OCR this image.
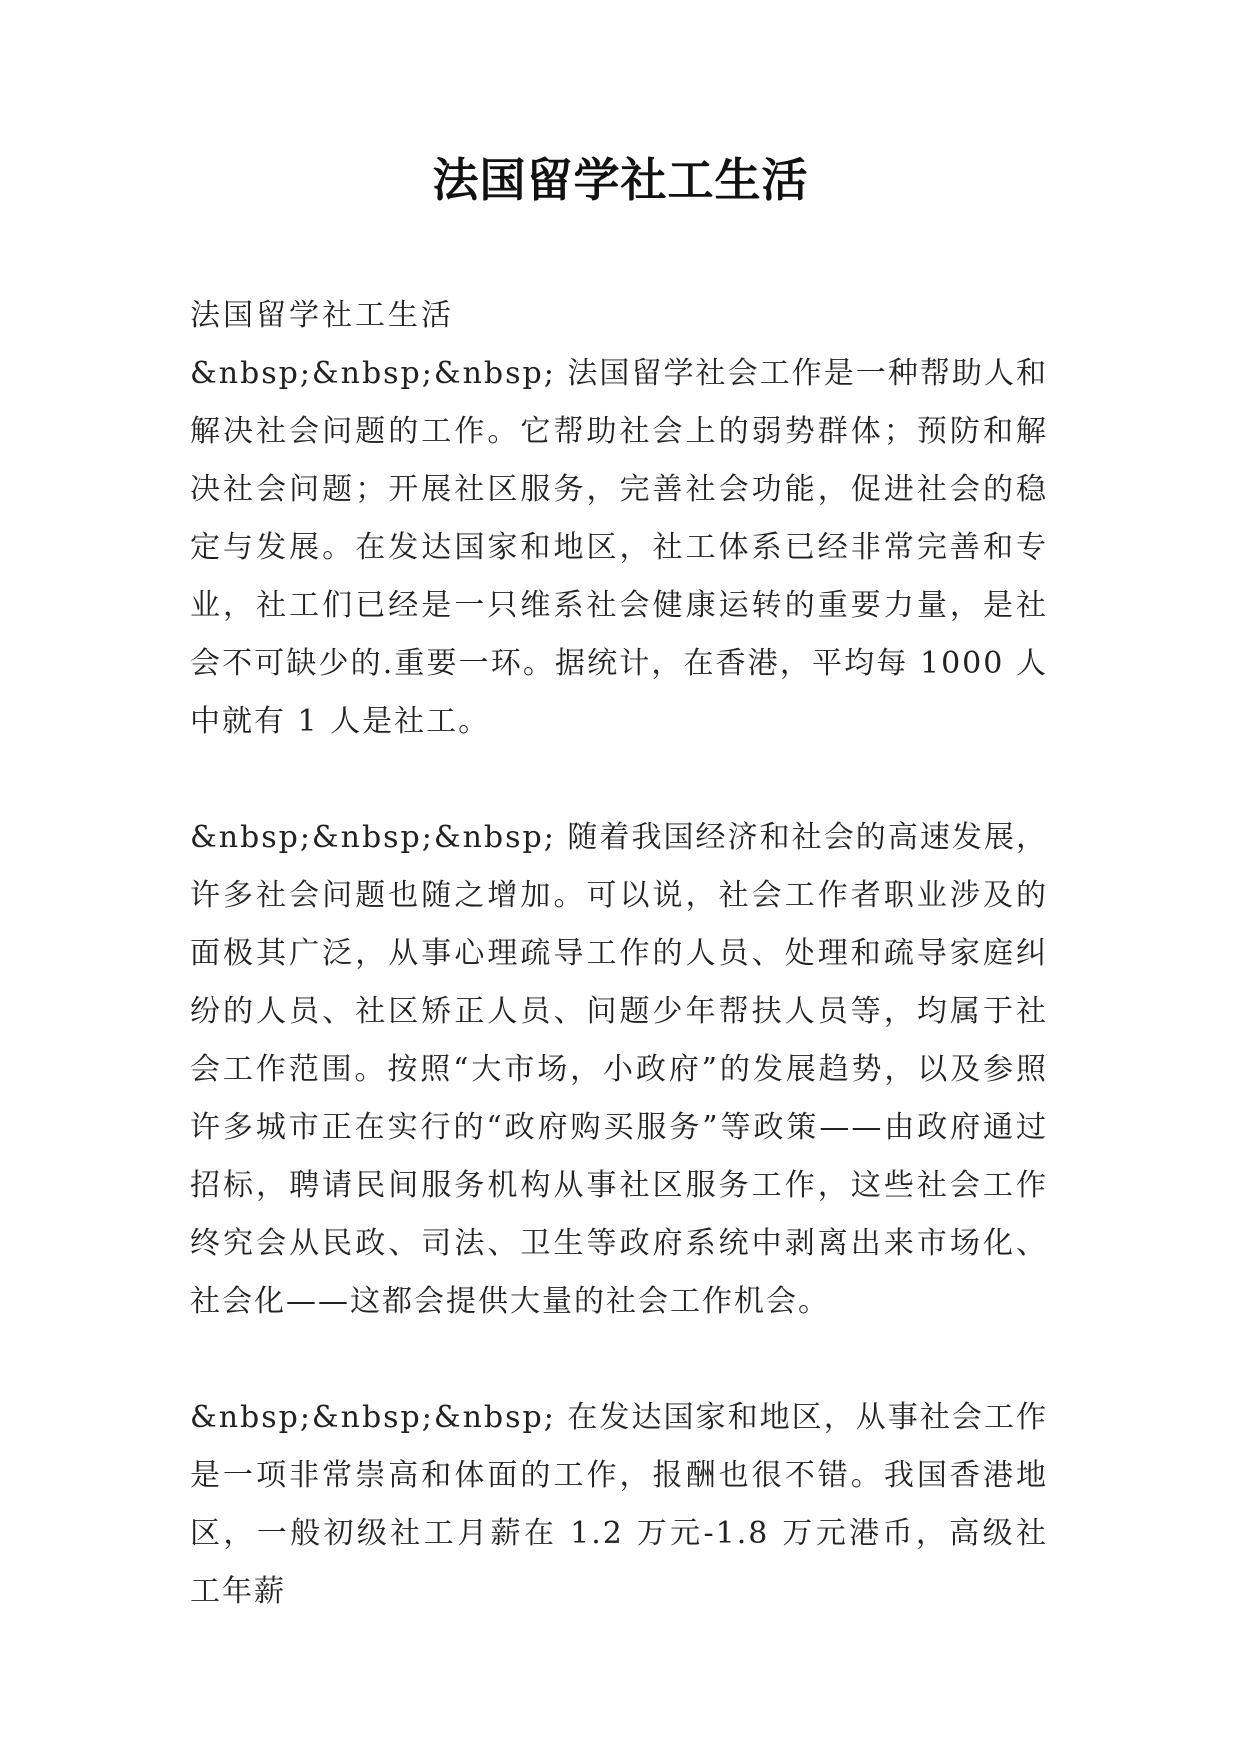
法国留学社工生活

法国留学社工生活

&nbsp;&nbsp;&nbsp; 法国留学社会工作是一种帮助人和解决社会问题的工作。它帮助社会上的弱势群体；预防和解决社会问题；开展社区服务，完善社会功能，促进社会的稳定与发展。在发达国家和地区，社工体系已经非常完善和专业，社工们已经是一只维系社会健康运转的重要力量，是社会不可缺少的.重要一环。据统计，在香港，平均每 1000 人中就有 1 人是社工。

&nbsp;&nbsp;&nbsp; 随着我国经济和社会的高速发展，许多社会问题也随之增加。可以说，社会工作者职业涉及的面极其广泛，从事心理疏导工作的人员、处理和疏导家庭纠纷的人员、社区矫正人员、问题少年帮扶人员等，均属于社会工作范围。按照“大市场，小政府”的发展趋势，以及参照许多城市正在实行的“政府购买服务”等政策——由政府通过招标，聘请民间服务机构从事社区服务工作，这些社会工作终究会从民政、司法、卫生等政府系统中剥离出来市场化、社会化——这都会提供大量的社会工作机会。

&nbsp;&nbsp;&nbsp; 在发达国家和地区，从事社会工作是一项非常崇高和体面的工作，报酬也很不错。我国香港地区，一般初级社工月薪在 1.2 万元-1.8 万元港币，高级社工年薪
